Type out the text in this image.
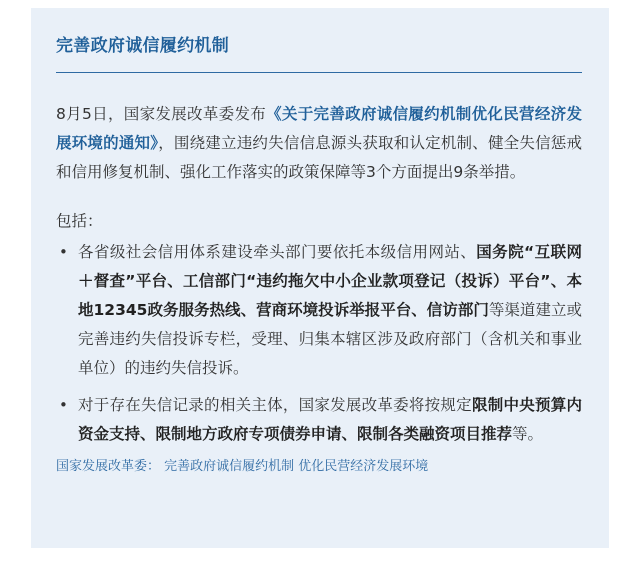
完善政府诚信履约机制
8月5日，国家发展改革委发布《关于完善政府诚信履约机制优化民营经济发展环境的通知》，围绕建立违约失信信息源头获取和认定机制、健全失信惩戒和信用修复机制、强化工作落实的政策保障等3个方面提出9条举措。
包括：
• 各省级社会信用体系建设牵头部门要依托本级信用网站、国务院“互联网＋督查”平台、工信部门“违约拖欠中小企业款项登记（投诉）平台”、本地12345政务服务热线、营商环境投诉举报平台、信访部门等渠道建立或完善违约失信投诉专栏，受理、归集本辖区涉及政府部门（含机关和事业单位）的违约失信投诉。
• 对于存在失信记录的相关主体，国家发展改革委将按规定限制中央预算内资金支持、限制地方政府专项债券申请、限制各类融资项目推荐等。
国家发展改革委： 完善政府诚信履约机制 优化民营经济发展环境
